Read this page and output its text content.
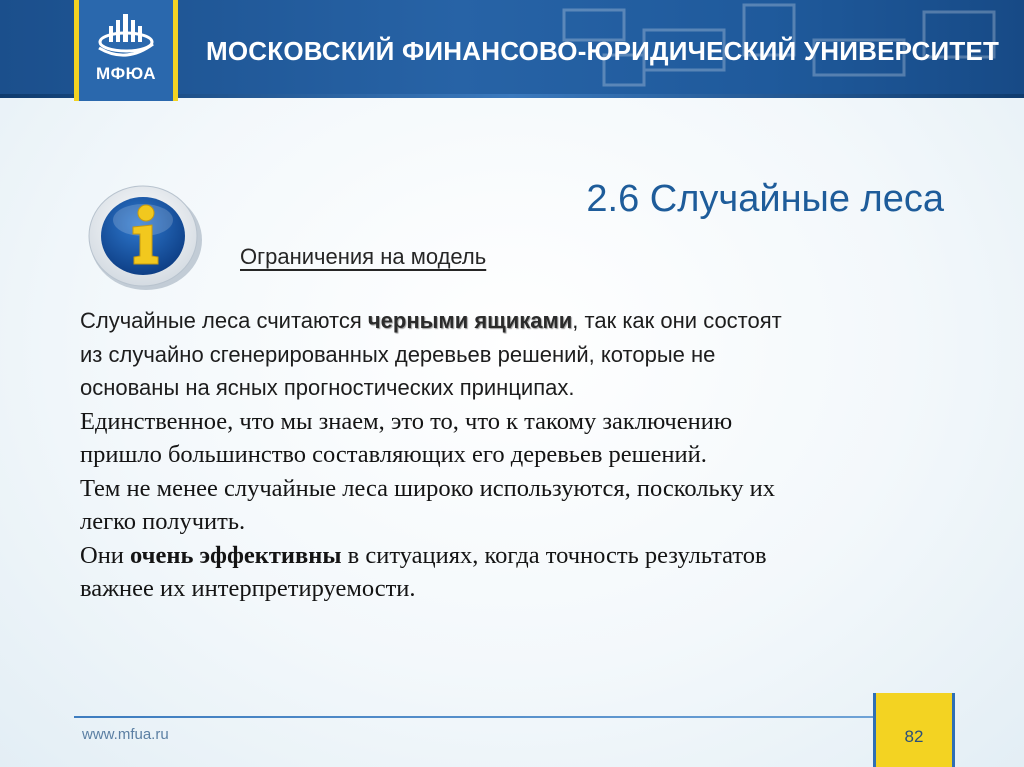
МФЮА
МОСКОВСКИЙ ФИНАНСОВО-ЮРИДИЧЕСКИЙ УНИВЕРСИТЕТ
2.6 Случайные леса
Ограничения на модель

Случайные леса считаются черными ящиками, так как они состоят
из случайно сгенерированных деревьев решений, которые не
основаны на ясных прогностических принципах.

Единственное, что мы знаем, это то, что к такому заключению
пришло большинство составляющих его деревьев решений.

Тем не менее случайные леса широко используются, поскольку их
легко получить.

Они очень эффективны в ситуациях, когда точность результатов
важнее их интерпретируемости.

www.mfua.ru	82
